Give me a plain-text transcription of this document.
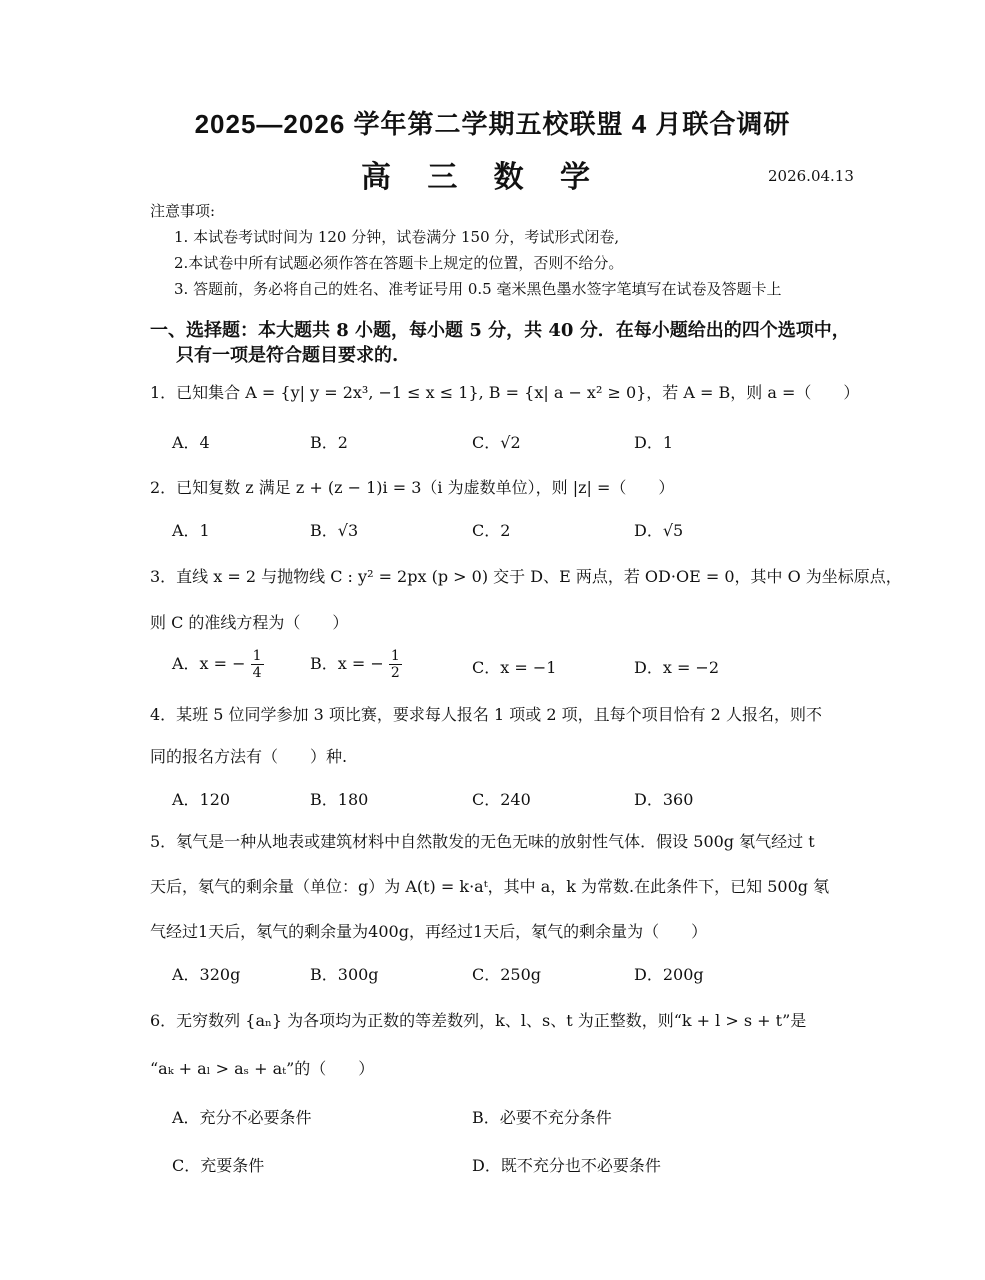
2025—2026 学年第二学期五校联盟 4 月联合调研
高 三 数 学	2026.04.13
注意事项:
1. 本试卷考试时间为 120 分钟，试卷满分 150 分，考试形式闭卷,
2.本试卷中所有试题必须作答在答题卡上规定的位置，否则不给分。
3. 答题前，务必将自己的姓名、准考证号用 0.5 毫米黑色墨水签字笔填写在试卷及答题卡上
一、选择题：本大题共 8 小题，每小题 5 分，共 40 分．在每小题给出的四个选项中，
只有一项是符合题目要求的.
1．已知集合 A = {y| y = 2x³, −1 ≤ x ≤ 1}, B = {x| a − x² ≥ 0}，若 A = B，则 a =（　　）
A．4	B．2	C．√2	D．1
2．已知复数 z 满足 z + (z − 1)i = 3（i 为虚数单位），则 |z| =（　　）
A．1	B．√3	C．2	D．√5
3．直线 x = 2 与抛物线 C : y² = 2px (p > 0) 交于 D、E 两点，若 OD·OE = 0，其中 O 为坐标原点，
则 C 的准线方程为（　　）
A．x = − $\frac{1}{4}$	B．x = − $\frac{1}{2}$	C．x = −1	D．x = −2
4．某班 5 位同学参加 3 项比赛，要求每人报名 1 项或 2 项，且每个项目恰有 2 人报名，则不
同的报名方法有（　　）种.
A．120	B．180	C．240	D．360
5．氡气是一种从地表或建筑材料中自然散发的无色无味的放射性气体．假设 500g 氡气经过 t
天后，氡气的剩余量（单位：g）为 A(t) = k·aᵗ，其中 a，k 为常数.在此条件下，已知 500g 氡
气经过1天后，氡气的剩余量为400g，再经过1天后，氡气的剩余量为（　　）
A．320g	B．300g	C．250g	D．200g
6．无穷数列 {aₙ} 为各项均为正数的等差数列，k、l、s、t 为正整数，则“k + l > s + t”是
“aₖ + aₗ > aₛ + aₜ”的（　　）
A．充分不必要条件	B．必要不充分条件
C．充要条件	D．既不充分也不必要条件
